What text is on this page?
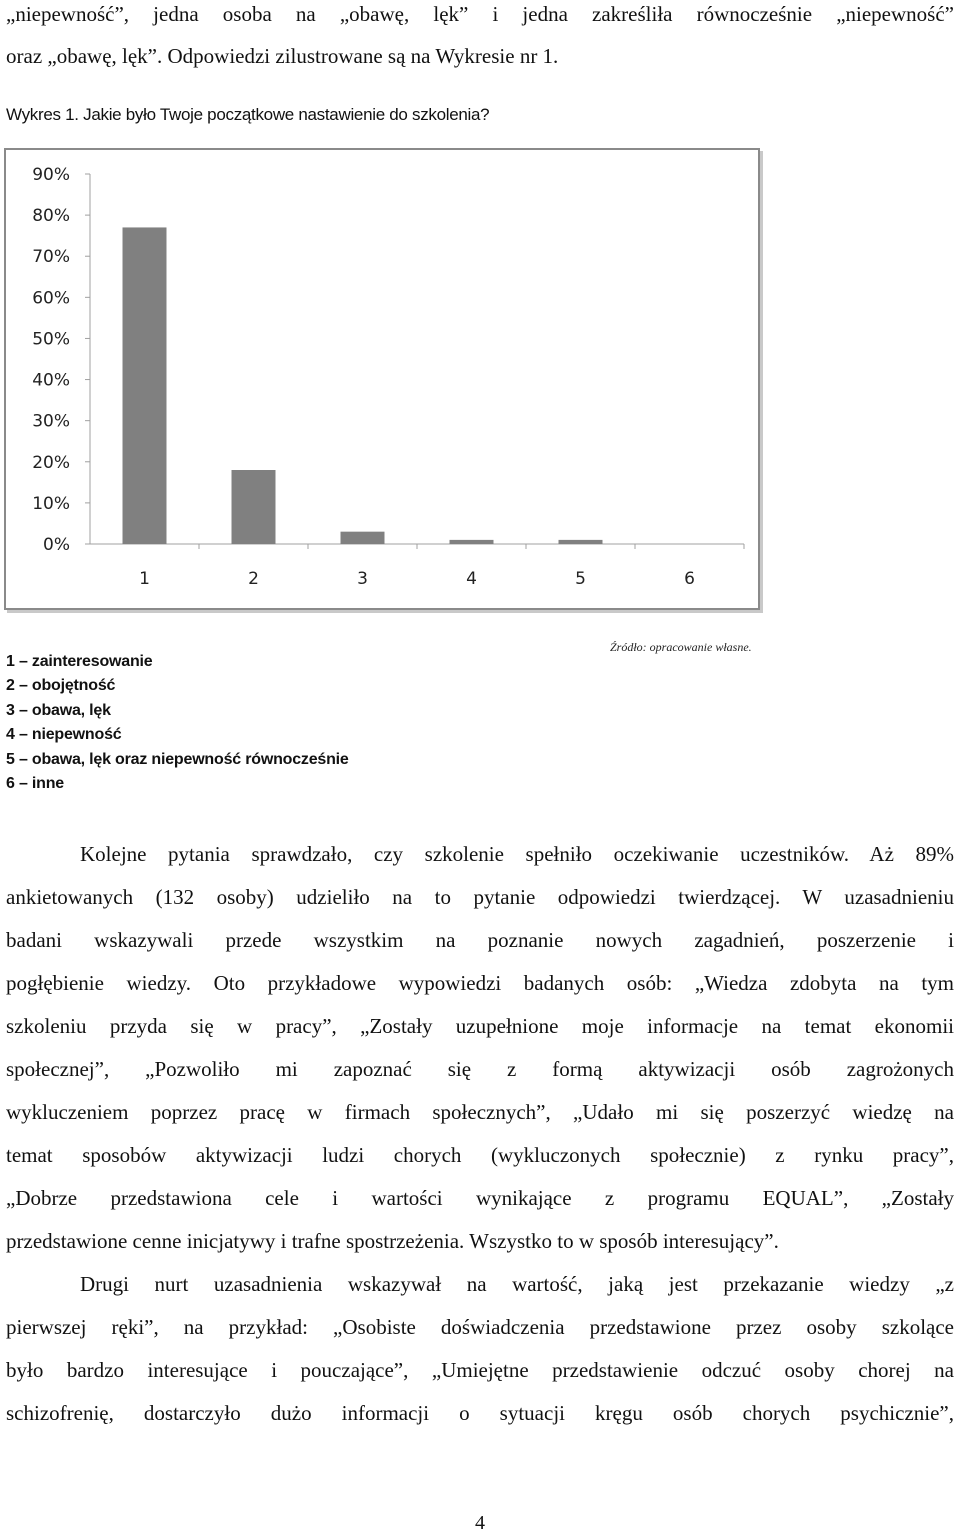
„niepewność”, jedna osoba na „obawę, lęk” i jedna zakreśliła równocześnie „niepewność”
oraz „obawę, lęk”. Odpowiedzi zilustrowane są na Wykresie nr 1.
Wykres 1. Jakie było Twoje początkowe nastawienie do szkolenia?
0%
10%
20%
30%
40%
50%
60%
70%
80%
90%
1	2	3	4	5	6
Źródło: opracowanie własne.
1 – zainteresowanie
2 – obojętność
3 – obawa, lęk
4 – niepewność
5 – obawa, lęk oraz niepewność równocześnie
6 – inne
Kolejne pytania sprawdzało, czy szkolenie spełniło oczekiwanie uczestników. Aż 89%
ankietowanych (132 osoby) udzieliło na to pytanie odpowiedzi twierdzącej. W uzasadnieniu
badani wskazywali przede wszystkim na poznanie nowych zagadnień, poszerzenie i
pogłębienie wiedzy. Oto przykładowe wypowiedzi badanych osób: „Wiedza zdobyta na tym
szkoleniu przyda się w pracy”, „Zostały uzupełnione moje informacje na temat ekonomii
społecznej”, „Pozwoliło mi zapoznać się z formą aktywizacji osób zagrożonych
wykluczeniem poprzez pracę w firmach społecznych”, „Udało mi się poszerzyć wiedzę na
temat sposobów aktywizacji ludzi chorych (wykluczonych społecznie) z rynku pracy”,
„Dobrze przedstawiona cele i wartości wynikające z programu EQUAL”, „Zostały
przedstawione cenne inicjatywy i trafne spostrzeżenia. Wszystko to w sposób interesujący”.
Drugi nurt uzasadnienia wskazywał na wartość, jaką jest przekazanie wiedzy „z
pierwszej ręki”, na przykład: „Osobiste doświadczenia przedstawione przez osoby szkolące
było bardzo interesujące i pouczające”, „Umiejętne przedstawienie odczuć osoby chorej na
schizofrenię, dostarczyło dużo informacji o sytuacji kręgu osób chorych psychicznie”,
4
